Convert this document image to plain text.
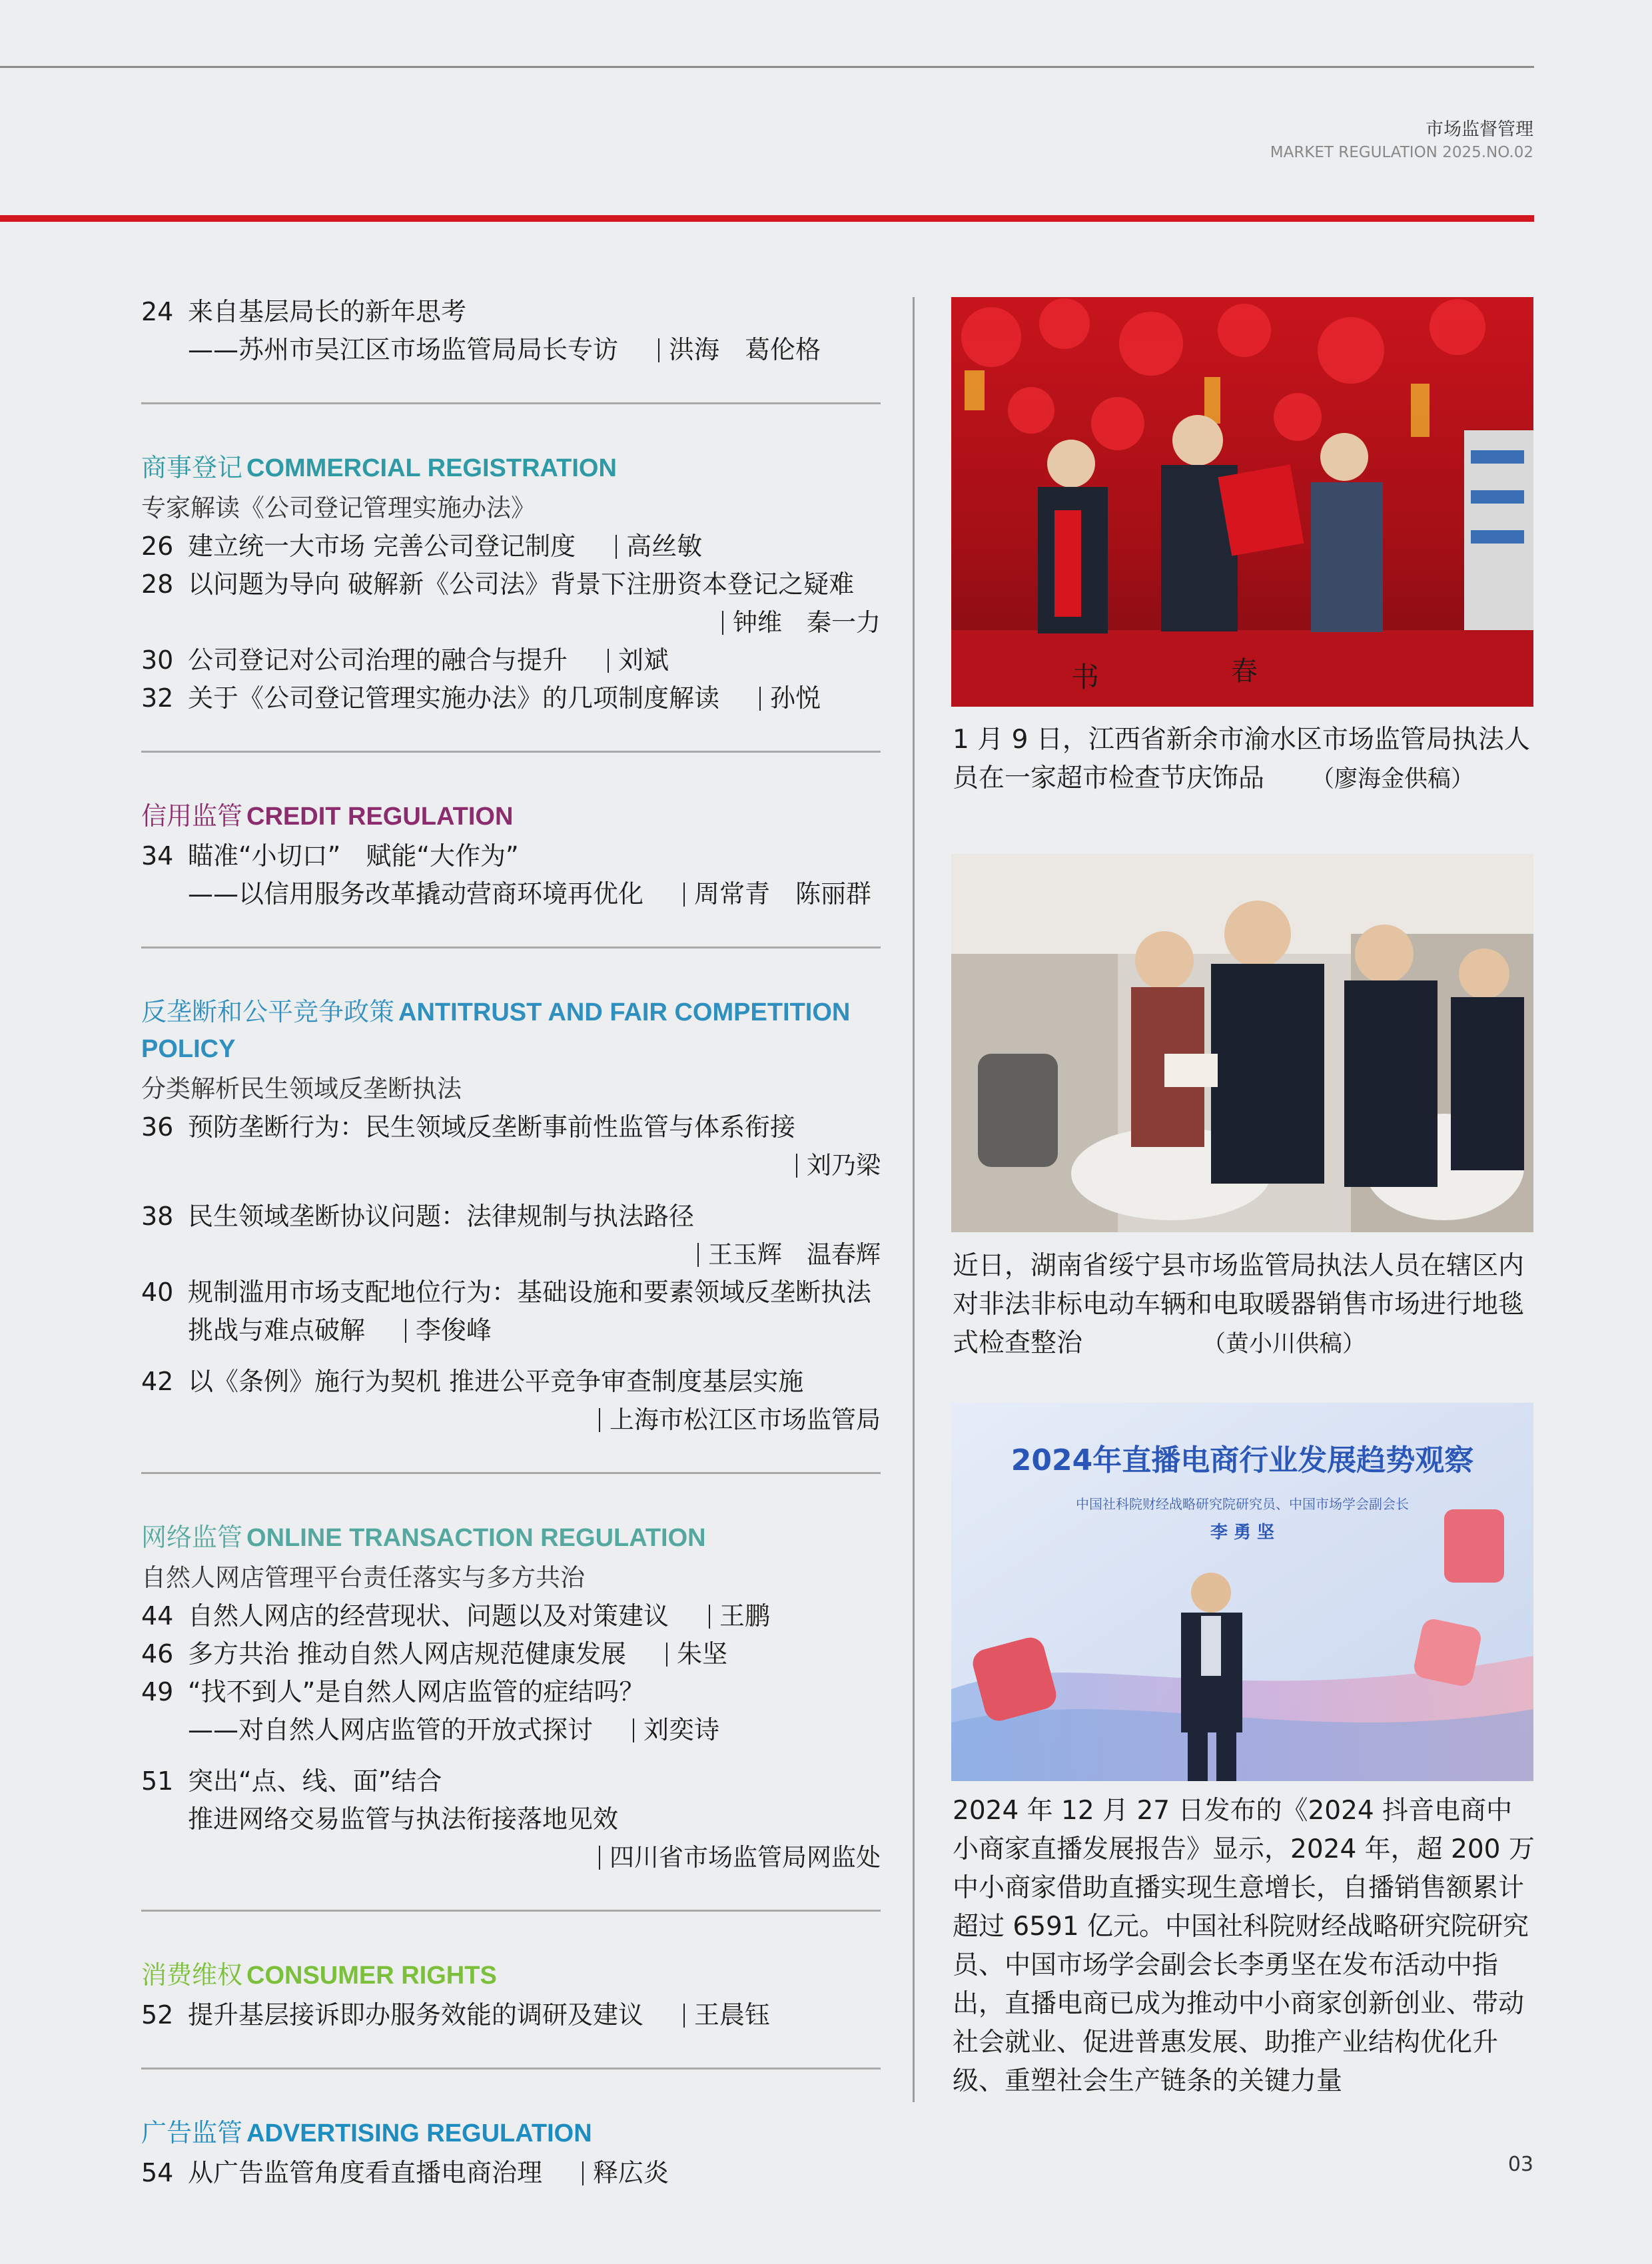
市场监督管理
MARKET REGULATION 2025.NO.02
24 来自基层局长的新年思考
——苏州市吴江区市场监管局局长专访 洪海　葛伦格
商事登记 COMMERCIAL REGISTRATION
专家解读《公司登记管理实施办法》
26 建立统一大市场 完善公司登记制度 高丝敏
28 以问题为导向 破解新《公司法》背景下注册资本登记之疑难
钟维　秦一力
30 公司登记对公司治理的融合与提升 刘斌
32 关于《公司登记管理实施办法》的几项制度解读 孙悦
信用监管 CREDIT REGULATION
34 瞄准“小切口”　赋能“大作为”
——以信用服务改革撬动营商环境再优化 周常青　陈丽群
反垄断和公平竞争政策 ANTITRUST AND FAIR COMPETITION POLICY
分类解析民生领域反垄断执法
36 预防垄断行为：民生领域反垄断事前性监管与体系衔接
刘乃梁
38 民生领域垄断协议问题：法律规制与执法路径
王玉辉　温春辉
40 规制滥用市场支配地位行为：基础设施和要素领域反垄断执法
挑战与难点破解 李俊峰
42 以《条例》施行为契机 推进公平竞争审查制度基层实施
上海市松江区市场监管局
网络监管 ONLINE TRANSACTION REGULATION
自然人网店管理平台责任落实与多方共治
44 自然人网店的经营现状、问题以及对策建议 王鹏
46 多方共治 推动自然人网店规范健康发展 朱坚
49 “找不到人”是自然人网店监管的症结吗？
——对自然人网店监管的开放式探讨 刘奕诗
51 突出“点、线、面”结合
推进网络交易监管与执法衔接落地见效
四川省市场监管局网监处
消费维权 CONSUMER RIGHTS
52 提升基层接诉即办服务效能的调研及建议 王晨钰
广告监管 ADVERTISING REGULATION
54 从广告监管角度看直播电商治理 释広炎
书	春
1 月 9 日，江西省新余市渝水区市场监管局执法人员在一家超市检查节庆饰品 （廖海金供稿）
近日，湖南省绥宁县市场监管局执法人员在辖区内对非法非标电动车辆和电取暖器销售市场进行地毯式检查整治	（黄小川供稿）
2024年直播电商行业发展趋势观察
中国社科院财经战略研究院研究员、中国市场学会副会长
李 勇 坚
2024 年 12 月 27 日发布的《2024 抖音电商中小商家直播发展报告》显示，2024 年，超 200 万中小商家借助直播实现生意增长，自播销售额累计超过 6591 亿元。中国社科院财经战略研究院研究员、中国市场学会副会长李勇坚在发布活动中指出，直播电商已成为推动中小商家创新创业、带动社会就业、促进普惠发展、助推产业结构优化升级、重塑社会生产链条的关键力量
03
